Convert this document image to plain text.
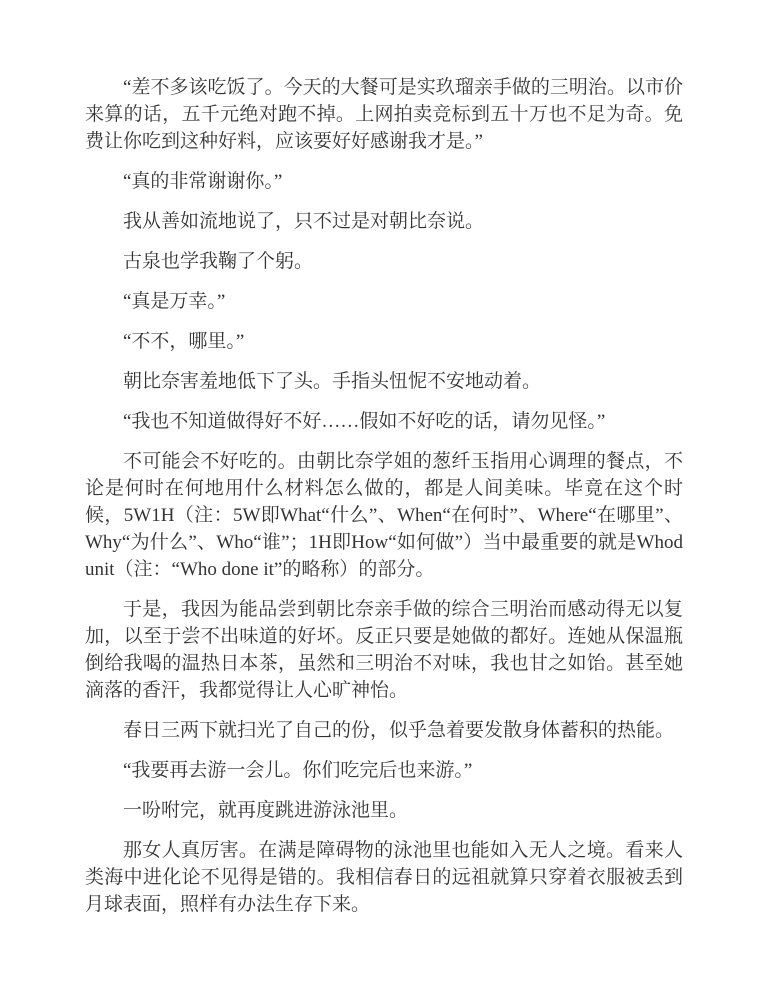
“差不多该吃饭了。今天的大餐可是实玖瑠亲手做的三明治。以市价来算的话，五千元绝对跑不掉。上网拍卖竞标到五十万也不足为奇。免费让你吃到这种好料，应该要好好感谢我才是。”

“真的非常谢谢你。”

我从善如流地说了，只不过是对朝比奈说。

古泉也学我鞠了个躬。

“真是万幸。”

“不不，哪里。”

朝比奈害羞地低下了头。手指头忸怩不安地动着。

“我也不知道做得好不好……假如不好吃的话，请勿见怪。”

不可能会不好吃的。由朝比奈学姐的葱纤玉指用心调理的餐点，不论是何时在何地用什么材料怎么做的，都是人间美味。毕竟在这个时候，5W1H（注：5W即What“什么”、When“在何时”、Where“在哪里”、Why“为什么”、Who“谁”；1H即How“如何做”）当中最重要的就是Whodunit（注：“Who done it”的略称）的部分。

于是，我因为能品尝到朝比奈亲手做的综合三明治而感动得无以复加，以至于尝不出味道的好坏。反正只要是她做的都好。连她从保温瓶倒给我喝的温热日本茶，虽然和三明治不对味，我也甘之如饴。甚至她滴落的香汗，我都觉得让人心旷神怡。

春日三两下就扫光了自己的份，似乎急着要发散身体蓄积的热能。

“我要再去游一会儿。你们吃完后也来游。”

一吩咐完，就再度跳进游泳池里。

那女人真厉害。在满是障碍物的泳池里也能如入无人之境。看来人类海中进化论不见得是错的。我相信春日的远祖就算只穿着衣服被丢到月球表面，照样有办法生存下来。
